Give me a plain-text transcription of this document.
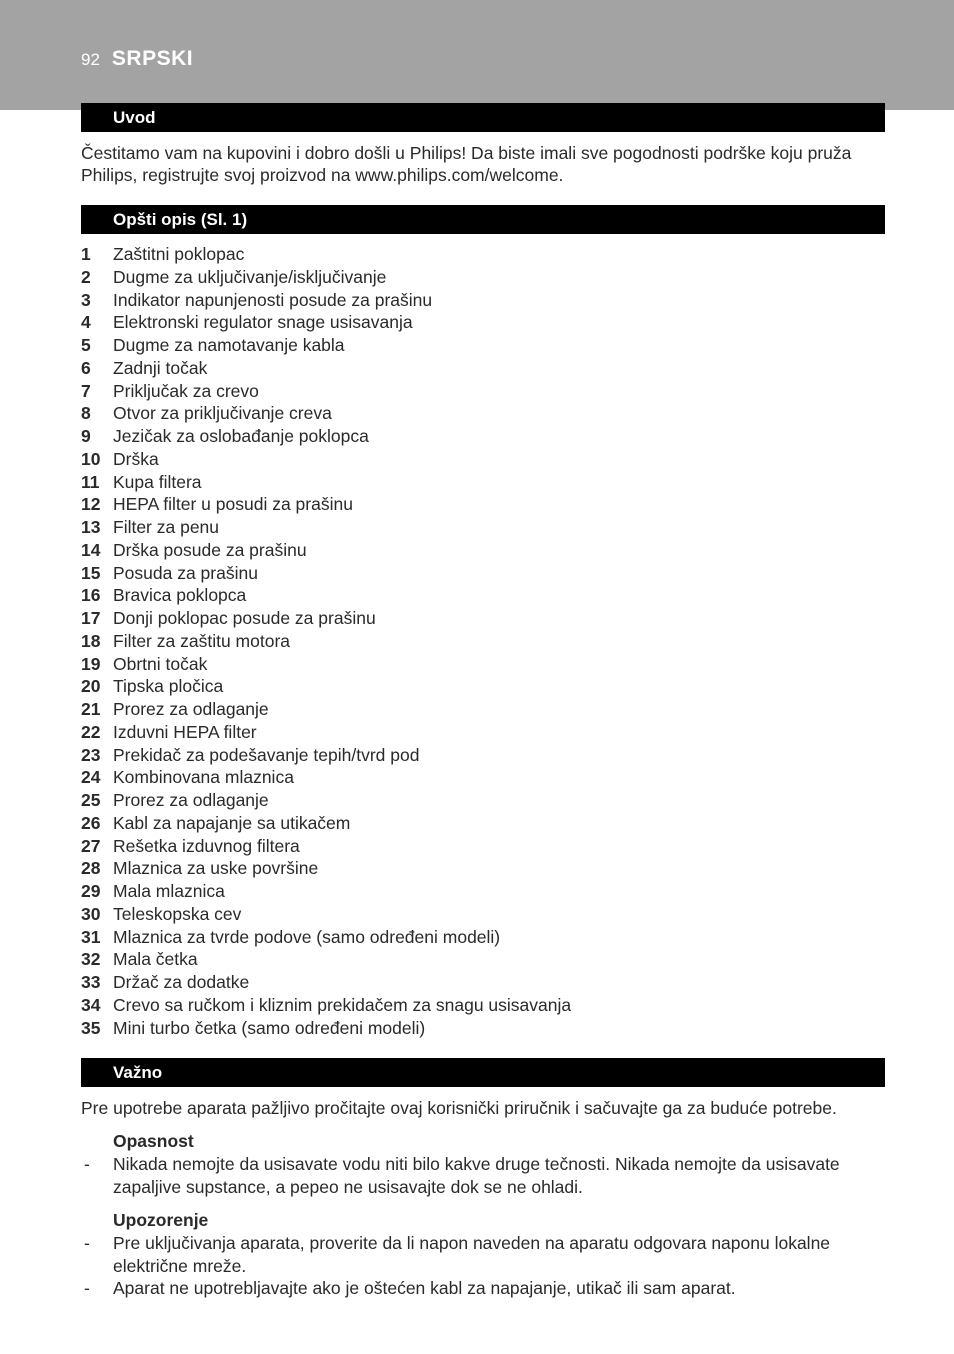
92 SRPSKI
Uvod

Čestitamo vam na kupovini i dobro došli u Philips! Da biste imali sve pogodnosti podrške koju pruža Philips, registrujte svoj proizvod na www.philips.com/welcome.

Opšti opis (Sl. 1)
1	Zaštitni poklopac
2	Dugme za uključivanje/isključivanje
3	Indikator napunjenosti posude za prašinu
4	Elektronski regulator snage usisavanja
5	Dugme za namotavanje kabla
6	Zadnji točak
7	Priključak za crevo
8	Otvor za priključivanje creva
9	Jezičak za oslobađanje poklopca
10 Drška
11 Kupa filtera
12 HEPA filter u posudi za prašinu
13 Filter za penu
14 Drška posude za prašinu
15 Posuda za prašinu
16 Bravica poklopca
17 Donji poklopac posude za prašinu
18 Filter za zaštitu motora
19 Obrtni točak
20 Tipska pločica
21 Prorez za odlaganje
22 Izduvni HEPA filter
23 Prekidač za podešavanje tepih/tvrd pod
24 Kombinovana mlaznica
25 Prorez za odlaganje
26 Kabl za napajanje sa utikačem
27 Rešetka izduvnog filtera
28 Mlaznica za uske površine
29 Mala mlaznica
30 Teleskopska cev
31 Mlaznica za tvrde podove (samo određeni modeli)
32 Mala četka
33 Držač za dodatke
34 Crevo sa ručkom i kliznim prekidačem za snagu usisavanja
35 Mini turbo četka (samo određeni modeli)
Važno

Pre upotrebe aparata pažljivo pročitajte ovaj korisnički priručnik i sačuvajte ga za buduće potrebe.

Opasnost

-	Nikada nemojte da usisavate vodu niti bilo kakve druge tečnosti. Nikada nemojte da usisavate zapaljive supstance, a pepeo ne usisavajte dok se ne ohladi.

Upozorenje

-	Pre uključivanja aparata, proverite da li napon naveden na aparatu odgovara naponu lokalne električne mreže.
-	Aparat ne upotrebljavajte ako je oštećen kabl za napajanje, utikač ili sam aparat.
